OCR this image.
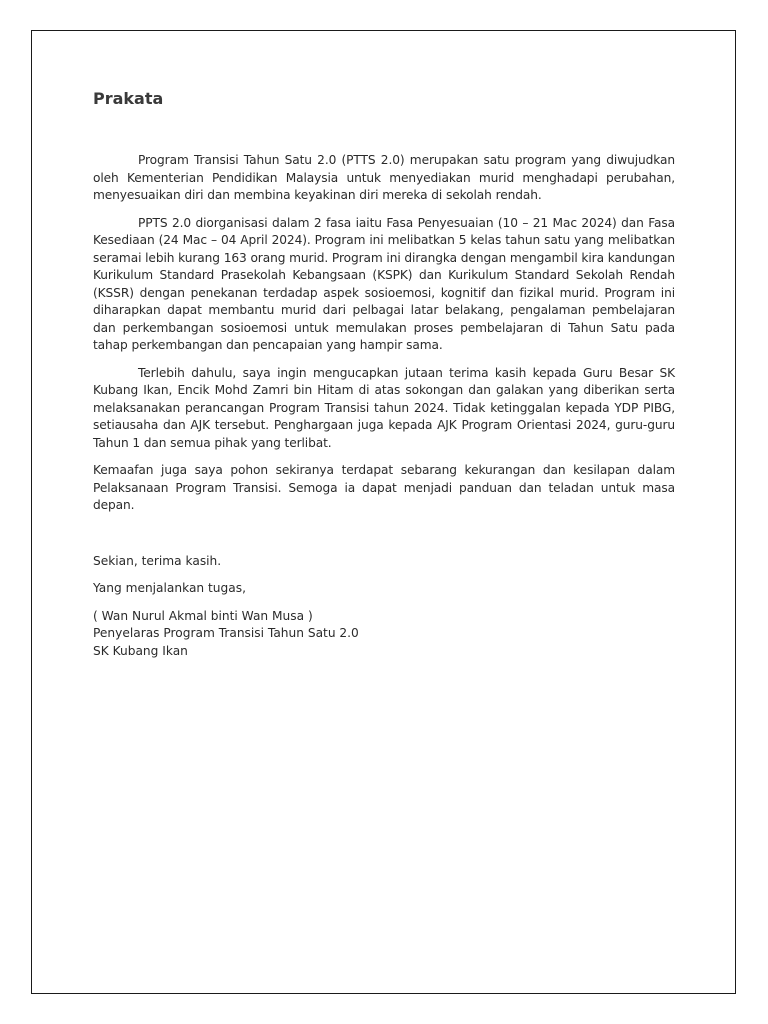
Prakata

Program Transisi Tahun Satu 2.0 (PTTS 2.0) merupakan satu program yang diwujudkan oleh Kementerian Pendidikan Malaysia untuk menyediakan murid menghadapi perubahan, menyesuaikan diri dan membina keyakinan diri mereka di sekolah rendah.

PPTS 2.0 diorganisasi dalam 2 fasa iaitu Fasa Penyesuaian (10 – 21 Mac 2024) dan Fasa Kesediaan (24 Mac – 04 April 2024). Program ini melibatkan 5 kelas tahun satu yang melibatkan seramai lebih kurang 163 orang murid. Program ini dirangka dengan mengambil kira kandungan Kurikulum Standard Prasekolah Kebangsaan (KSPK) dan Kurikulum Standard Sekolah Rendah (KSSR) dengan penekanan terdadap aspek sosioemosi, kognitif dan fizikal murid. Program ini diharapkan dapat membantu murid dari pelbagai latar belakang, pengalaman pembelajaran dan perkembangan sosioemosi untuk memulakan proses pembelajaran di Tahun Satu pada tahap perkembangan dan pencapaian yang hampir sama.

Terlebih dahulu, saya ingin mengucapkan jutaan terima kasih kepada Guru Besar SK Kubang Ikan, Encik Mohd Zamri bin Hitam di atas sokongan dan galakan yang diberikan serta melaksanakan perancangan Program Transisi tahun 2024. Tidak ketinggalan kepada YDP PIBG, setiausaha dan AJK tersebut. Penghargaan juga kepada AJK Program Orientasi 2024, guru-guru Tahun 1 dan semua pihak yang terlibat.

Kemaafan juga saya pohon sekiranya terdapat sebarang kekurangan dan kesilapan dalam Pelaksanaan Program Transisi. Semoga ia dapat menjadi panduan dan teladan untuk masa depan.

Sekian, terima kasih.

Yang menjalankan tugas,

( Wan Nurul Akmal binti Wan Musa )

Penyelaras Program Transisi Tahun Satu 2.0

SK Kubang Ikan
